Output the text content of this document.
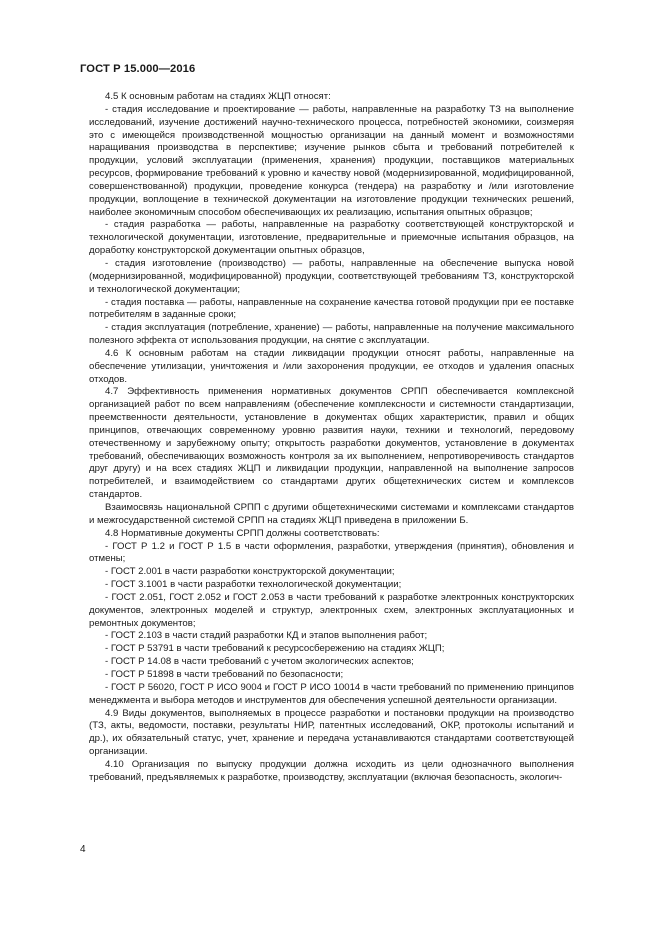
ГОСТ Р 15.000—2016

4.5 К основным работам на стадиях ЖЦП относят:

- стадия исследование и проектирование — работы, направленные на разработку ТЗ на выполнение исследований, изучение достижений научно-технического процесса, потребностей экономики, соизмеряя это с имеющейся производственной мощностью организации на данный момент и возможностями наращивания производства в перспективе; изучение рынков сбыта и требований потребителей к продукции, условий эксплуатации (применения, хранения) продукции, поставщиков материальных ресурсов, формирование требований к уровню и качеству новой (модернизированной, модифицированной, совершенствованной) продукции, проведение конкурса (тендера) на разработку и /или изготовление продукции, воплощение в технической документации на изготовление продукции технических решений, наиболее экономичным способом обеспечивающих их реализацию, испытания опытных образцов;

- стадия разработка — работы, направленные на разработку соответствующей конструкторской и технологической документации, изготовление, предварительные и приемочные испытания образцов, на доработку конструкторской документации опытных образцов,

- стадия изготовление (производство) — работы, направленные на обеспечение выпуска новой (модернизированной, модифицированной) продукции, соответствующей требованиям ТЗ, конструкторской и технологической документации;

- стадия поставка — работы, направленные на сохранение качества готовой продукции при ее поставке потребителям в заданные сроки;

- стадия эксплуатация (потребление, хранение) — работы, направленные на получение максимального полезного эффекта от использования продукции, на снятие с эксплуатации.

4.6 К основным работам на стадии ликвидации продукции относят работы, направленные на обеспечение утилизации, уничтожения и /или захоронения продукции, ее отходов и удаления опасных отходов.

4.7 Эффективность применения нормативных документов СРПП обеспечивается комплексной организацией работ по всем направлениям (обеспечение комплексности и системности стандартизации, преемственности деятельности, установление в документах общих характеристик, правил и общих принципов, отвечающих современному уровню развития науки, техники и технологий, передовому отечественному и зарубежному опыту; открытость разработки документов, установление в документах требований, обеспечивающих возможность контроля за их выполнением, непротиворечивость стандартов друг другу) и на всех стадиях ЖЦП и ликвидации продукции, направленной на выполнение запросов потребителей, и взаимодействием со стандартами других общетехнических систем и комплексов стандартов.

Взаимосвязь национальной СРПП с другими общетехническими системами и комплексами стандартов и межгосударственной системой СРПП на стадиях ЖЦП приведена в приложении Б.

4.8 Нормативные документы СРПП должны соответствовать:

- ГОСТ Р 1.2 и ГОСТ Р 1.5 в части оформления, разработки, утверждения (принятия), обновления и отмены;

- ГОСТ 2.001 в части разработки конструкторской документации;

- ГОСТ 3.1001 в части разработки технологической документации;

- ГОСТ 2.051, ГОСТ 2.052 и ГОСТ 2.053 в части требований к разработке электронных конструкторских документов, электронных моделей и структур, электронных схем, электронных эксплуатационных и ремонтных документов;

- ГОСТ 2.103 в части стадий разработки КД и этапов выполнения работ;

- ГОСТ Р 53791 в части требований к ресурсосбережению на стадиях ЖЦП;

- ГОСТ Р 14.08 в части требований с учетом экологических аспектов;

- ГОСТ Р 51898 в части требований по безопасности;

- ГОСТ Р 56020, ГОСТ Р ИСО 9004 и ГОСТ Р ИСО 10014 в части требований по применению принципов менеджмента и выбора методов и инструментов для обеспечения успешной деятельности организации.

4.9 Виды документов, выполняемых в процессе разработки и постановки продукции на производство (ТЗ, акты, ведомости, поставки, результаты НИР, патентных исследований, ОКР, протоколы испытаний и др.), их обязательный статус, учет, хранение и передача устанавливаются стандартами соответствующей организации.

4.10 Организация по выпуску продукции должна исходить из цели однозначного выполнения требований, предъявляемых к разработке, производству, эксплуатации (включая безопасность, экологич-

4
